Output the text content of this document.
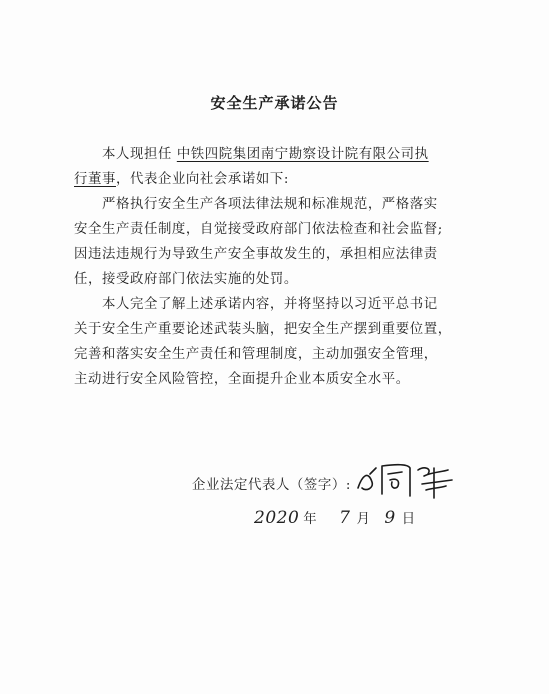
安全生产承诺公告
本人现担任 中铁四院集团南宁勘察设计院有限公司执
行董事，代表企业向社会承诺如下:
严格执行安全生产各项法律法规和标准规范，严格落实
安全生产责任制度，自觉接受政府部门依法检查和社会监督;
因违法违规行为导致生产安全事故发生的，承担相应法律责
任，接受政府部门依法实施的处罚。
本人完全了解上述承诺内容，并将坚持以习近平总书记
关于安全生产重要论述武装头脑，把安全生产摆到重要位置，
完善和落实安全生产责任和管理制度，主动加强安全管理，
主动进行安全风险管控，全面提升企业本质安全水平。
企业法定代表人（签字）:
2020 年 7 月 9 日
